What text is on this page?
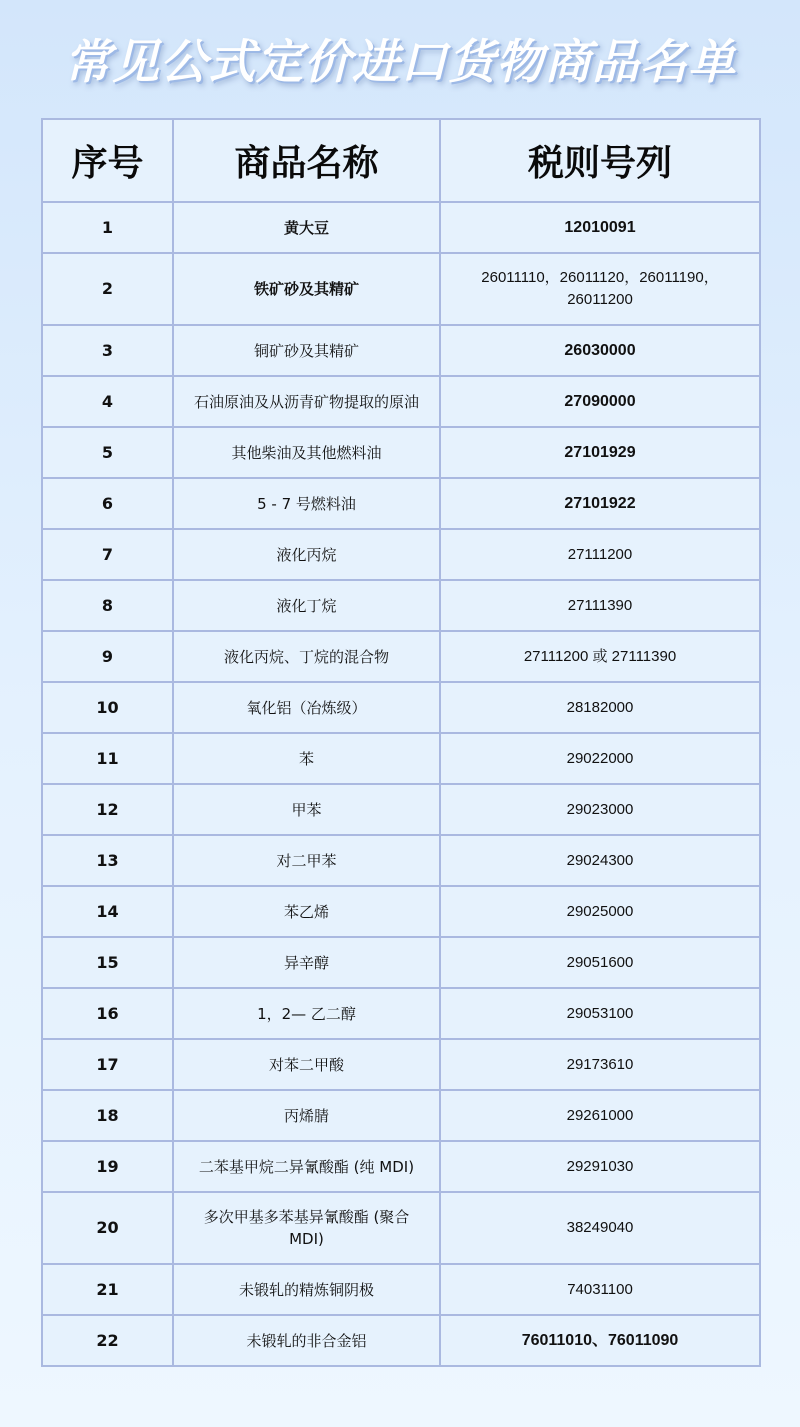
常见公式定价进口货物商品名单
序号	商品名称	税则号列
1	黄大豆	12010091
2	铁矿砂及其精矿	26011110，26011120，26011190，26011200
3	铜矿砂及其精矿	26030000
4	石油原油及从沥青矿物提取的原油	27090000
5	其他柴油及其他燃料油	27101929
6	5 - 7 号燃料油	27101922
7	液化丙烷	27111200
8	液化丁烷	27111390
9	液化丙烷、丁烷的混合物	27111200 或 27111390
10	氧化铝（冶炼级）	28182000
11	苯	29022000
12	甲苯	29023000
13	对二甲苯	29024300
14	苯乙烯	29025000
15	异辛醇	29051600
16	1，2— 乙二醇	29053100
17	对苯二甲酸	29173610
18	丙烯腈	29261000
19	二苯基甲烷二异氰酸酯 (纯 MDI)	29291030
20	多次甲基多苯基异氰酸酯 (聚合 MDI)	38249040
21	未锻轧的精炼铜阴极	74031100
22	未锻轧的非合金铝	76011010、76011090
